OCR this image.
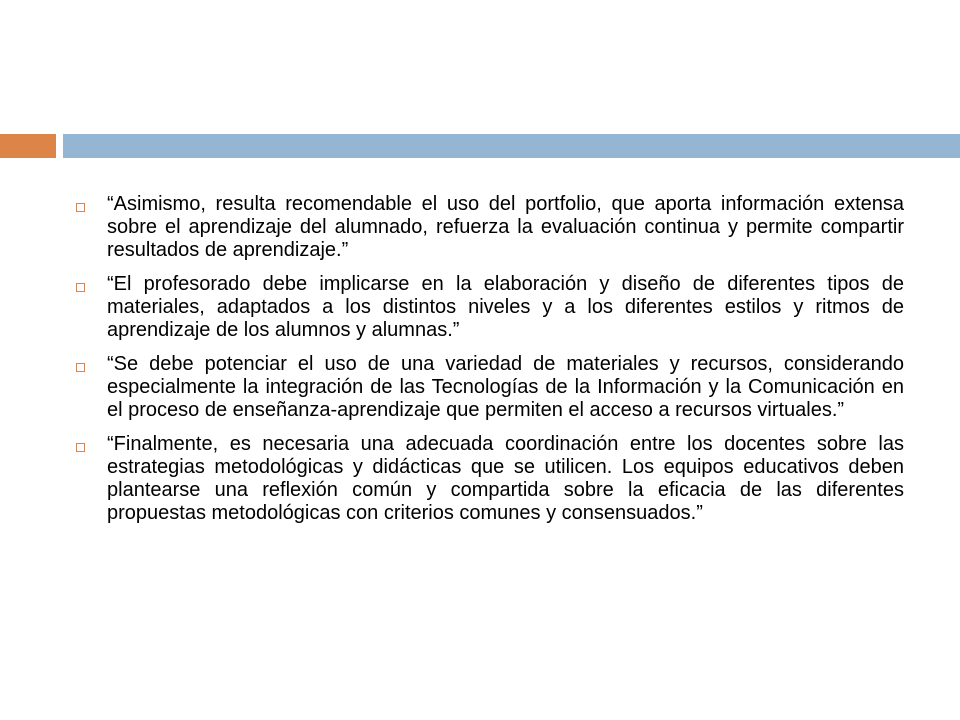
“Asimismo, resulta recomendable el uso del portfolio, que aporta información extensa sobre el aprendizaje del alumnado, refuerza la evaluación continua y permite compartir resultados de aprendizaje.”
“El profesorado debe implicarse en la elaboración y diseño de diferentes tipos de materiales, adaptados a los distintos niveles y a los diferentes estilos y ritmos de aprendizaje de los alumnos y alumnas.”
“Se debe potenciar el uso de una variedad de materiales y recursos, considerando especialmente la integración de las Tecnologías de la Información y la Comunicación en el proceso de enseñanza-aprendizaje que permiten el acceso a recursos virtuales.”
“Finalmente, es necesaria una adecuada coordinación entre los docentes sobre las estrategias metodológicas y didácticas que se utilicen. Los equipos educativos deben plantearse una reflexión común y compartida sobre la eficacia de las diferentes propuestas metodológicas con criterios comunes y consensuados.”
